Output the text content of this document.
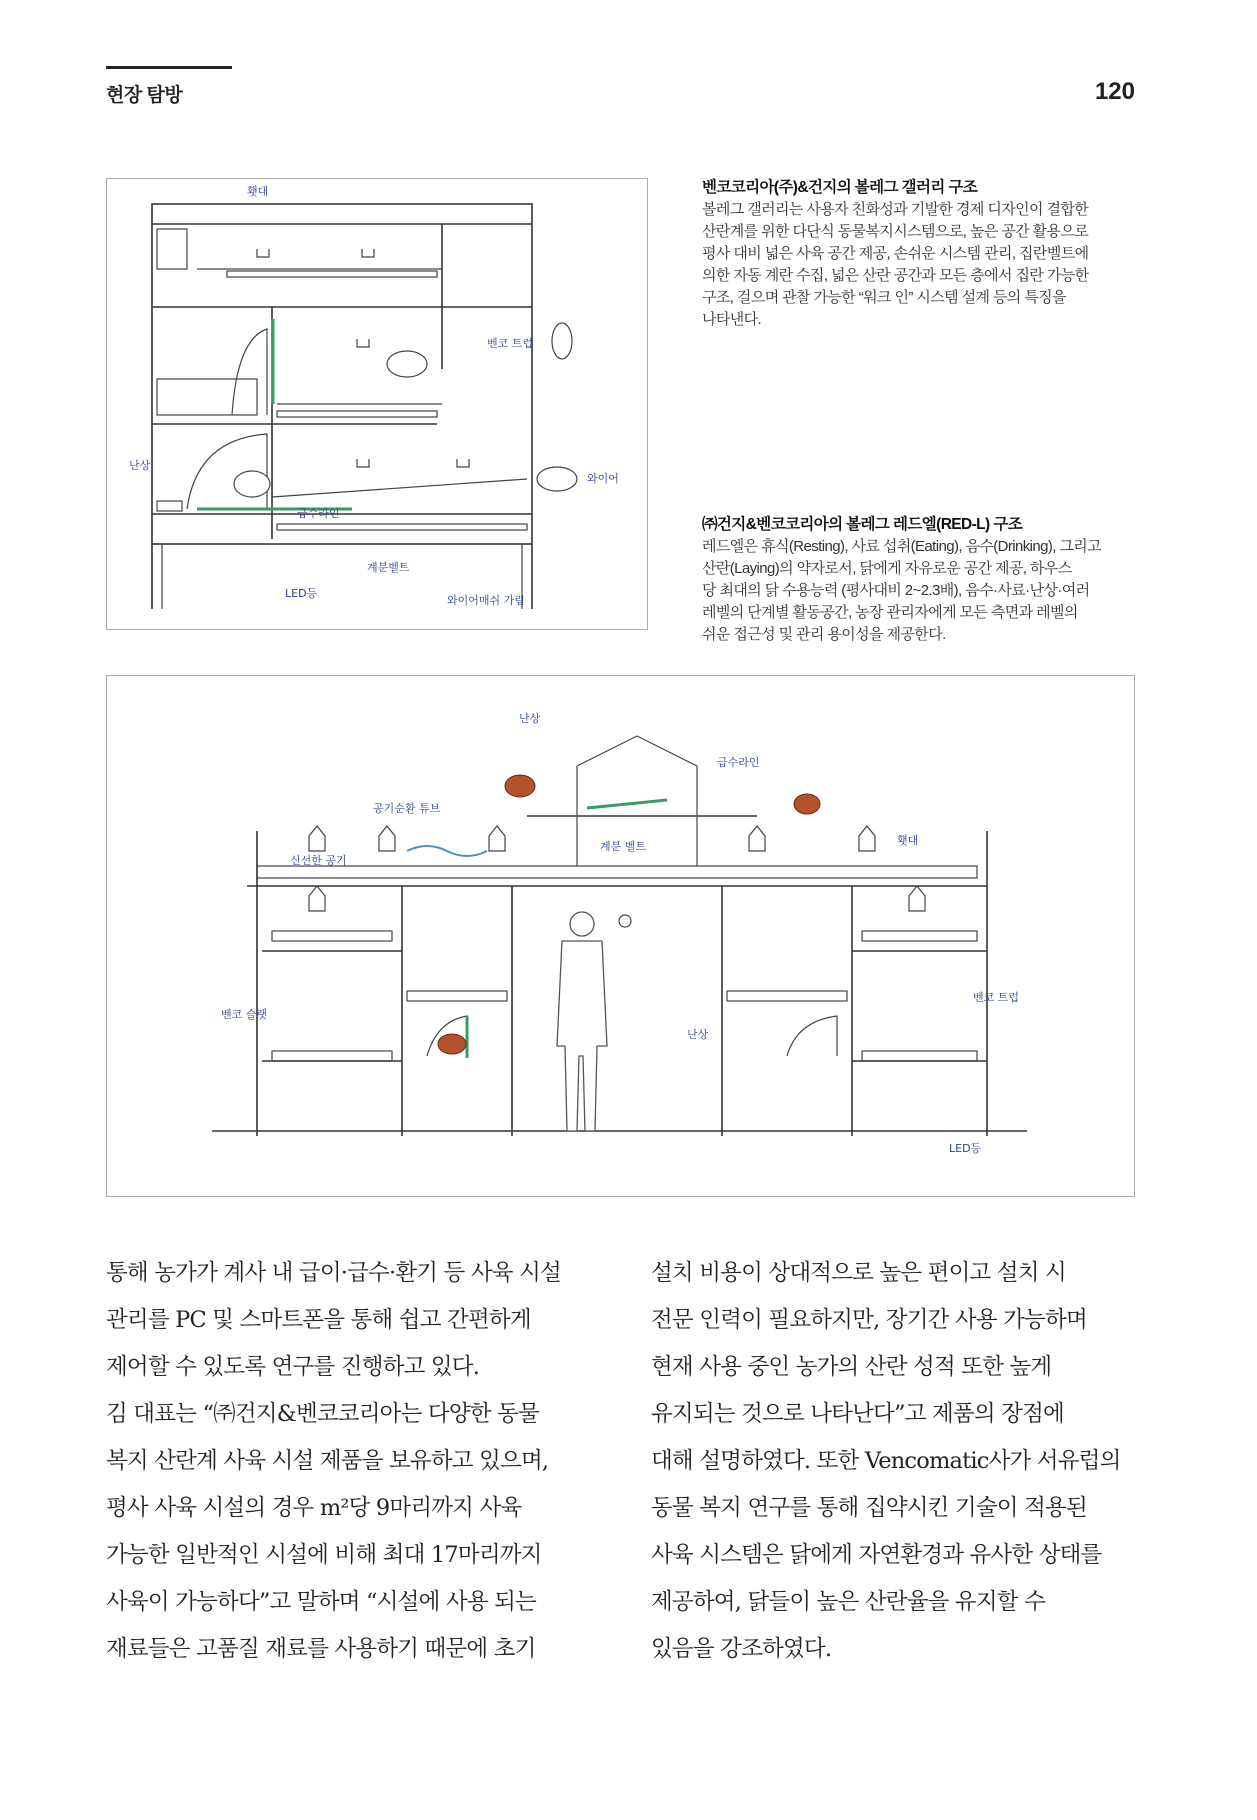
현장 탐방	120
횃대
벤코 트럽
난상
급수라인
와이어
계분벨트
LED등
와이어매쉬 가림
벤코코리아(주)&건지의 볼레그 갤러리 구조
볼레그 갤러리는 사용자 친화성과 기발한 경제 디자인이 결합한
산란계를 위한 다단식 동물복지시스템으로, 높은 공간 활용으로
평사 대비 넓은 사육 공간 제공, 손쉬운 시스템 관리, 집란벨트에
의한 자동 계란 수집, 넓은 산란 공간과 모든 층에서 집란 가능한
구조, 걸으며 관찰 가능한 “워크 인” 시스템 설계 등의 특징을
나타낸다.
㈜건지&벤코코리아의 볼레그 레드엘(RED-L) 구조
레드엘은 휴식(Resting), 사료 섭취(Eating), 음수(Drinking), 그리고
산란(Laying)의 약자로서, 닭에게 자유로운 공간 제공, 하우스
당 최대의 닭 수용능력 (평사대비 2~2.3배), 음수·사료·난상·여러
레벨의 단계별 활동공간, 농장 관리자에게 모든 측면과 레벨의
쉬운 접근성 및 관리 용이성을 제공한다.
난상
급수라인
공기순환 튜브
횃대
신선한 공기
계분 벨트
벤코 트럽
벤코 슬랫
난상
LED등

통해 농가가 계사 내 급이·급수·환기 등 사육 시설

관리를 PC 및 스마트폰을 통해 쉽고 간편하게

제어할 수 있도록 연구를 진행하고 있다.

김 대표는 “㈜건지&벤코코리아는 다양한 동물

복지 산란계 사육 시설 제품을 보유하고 있으며,

평사 사육 시설의 경우 m²당 9마리까지 사육

가능한 일반적인 시설에 비해 최대 17마리까지

사육이 가능하다”고 말하며 “시설에 사용 되는

재료들은 고품질 재료를 사용하기 때문에 초기

설치 비용이 상대적으로 높은 편이고 설치 시

전문 인력이 필요하지만, 장기간 사용 가능하며

현재 사용 중인 농가의 산란 성적 또한 높게

유지되는 것으로 나타난다”고 제품의 장점에

대해 설명하였다. 또한 Vencomatic사가 서유럽의

동물 복지 연구를 통해 집약시킨 기술이 적용된

사육 시스템은 닭에게 자연환경과 유사한 상태를

제공하여, 닭들이 높은 산란율을 유지할 수

있음을 강조하였다.
